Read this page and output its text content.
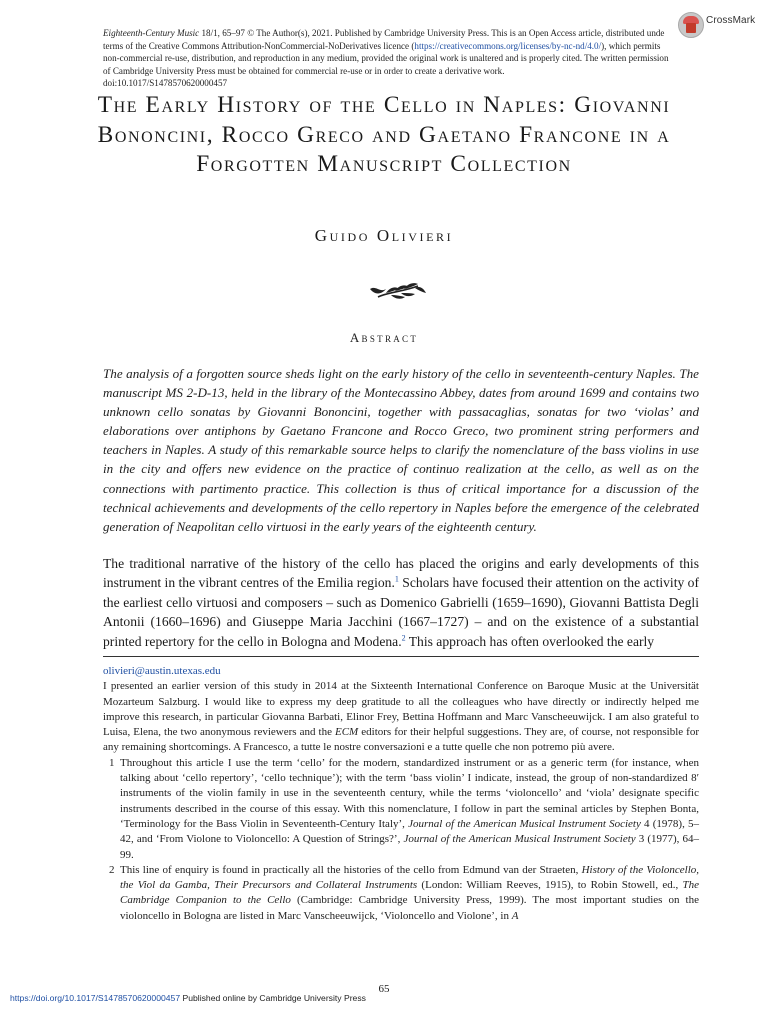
Eighteenth-Century Music 18/1, 65–97 © The Author(s), 2021. Published by Cambridge University Press. This is an Open Access article, distributed unde

terms of the Creative Commons Attribution-NonCommercial-NoDerivatives licence (https://creativecommons.org/licenses/by-nc-nd/4.0/), which permits

non-commercial re-use, distribution, and reproduction in any medium, provided the original work is unaltered and is properly cited. The written permission

of Cambridge University Press must be obtained for commercial re-use or in order to create a derivative work.

doi:10.1017/S1478570620000457

CrossMark
The Early History of the Cello in Naples: Giovanni Bononcini, Rocco Greco and Gaetano Francone in a Forgotten Manuscript Collection
Guido Olivieri
Abstract

The analysis of a forgotten source sheds light on the early history of the cello in seventeenth-century Naples. The manuscript MS 2-D-13, held in the library of the Montecassino Abbey, dates from around 1699 and contains two unknown cello sonatas by Giovanni Bononcini, together with passacaglias, sonatas for two ‘violas’ and elaborations over antiphons by Gaetano Francone and Rocco Greco, two prominent string performers and teachers in Naples. A study of this remarkable source helps to clarify the nomenclature of the bass violins in use in the city and offers new evidence on the practice of continuo realization at the cello, as well as on the connections with partimento practice. This collection is thus of critical importance for a discussion of the technical achievements and developments of the cello repertory in Naples before the emergence of the celebrated generation of Neapolitan cello virtuosi in the early years of the eighteenth century.

The traditional narrative of the history of the cello has placed the origins and early developments of this instrument in the vibrant centres of the Emilia region.$^1$ Scholars have focused their attention on the activity of the earliest cello virtuosi and composers – such as Domenico Gabrielli (1659–1690), Giovanni Battista Degli Antonii (1660–1696) and Giuseppe Maria Jacchini (1667–1727) – and on the existence of a substantial printed repertory for the cello in Bologna and Modena.$^2$ This approach has often overlooked the early

olivieri@austin.utexas.edu

I presented an earlier version of this study in 2014 at the Sixteenth International Conference on Baroque Music at the Universität Mozarteum Salzburg. I would like to express my deep gratitude to all the colleagues who have directly or indirectly helped me improve this research, in particular Giovanna Barbati, Elinor Frey, Bettina Hoffmann and Marc Vanscheeuwijck. I am also grateful to Luisa, Elena, the two anonymous reviewers and the ECM editors for their helpful suggestions. They are, of course, not responsible for any remaining shortcomings. A Francesco, a tutte le nostre conversazioni e a tutte quelle che non potremo più avere.

1 Throughout this article I use the term ‘cello’ for the modern, standardized instrument or as a generic term (for instance, when talking about ‘cello repertory’, ‘cello technique’); with the term ‘bass violin’ I indicate, instead, the group of non-standardized 8′ instruments of the violin family in use in the seventeenth century, while the terms ‘violoncello’ and ‘viola’ designate specific instruments described in the course of this essay. With this nomenclature, I follow in part the seminal articles by Stephen Bonta, ‘Terminology for the Bass Violin in Seventeenth-Century Italy’, Journal of the American Musical Instrument Society 4 (1978), 5–42, and ‘From Violone to Violoncello: A Question of Strings?’, Journal of the American Musical Instrument Society 3 (1977), 64–99.

2 This line of enquiry is found in practically all the histories of the cello from Edmund van der Straeten, History of the Violoncello, the Viol da Gamba, Their Precursors and Collateral Instruments (London: William Reeves, 1915), to Robin Stowell, ed., The Cambridge Companion to the Cello (Cambridge: Cambridge University Press, 1999). The most important studies on the violoncello in Bologna are listed in Marc Vanscheeuwijck, ‘Violoncello and Violone’, in A

65
https://doi.org/10.1017/S1478570620000457 Published online by Cambridge University Press
